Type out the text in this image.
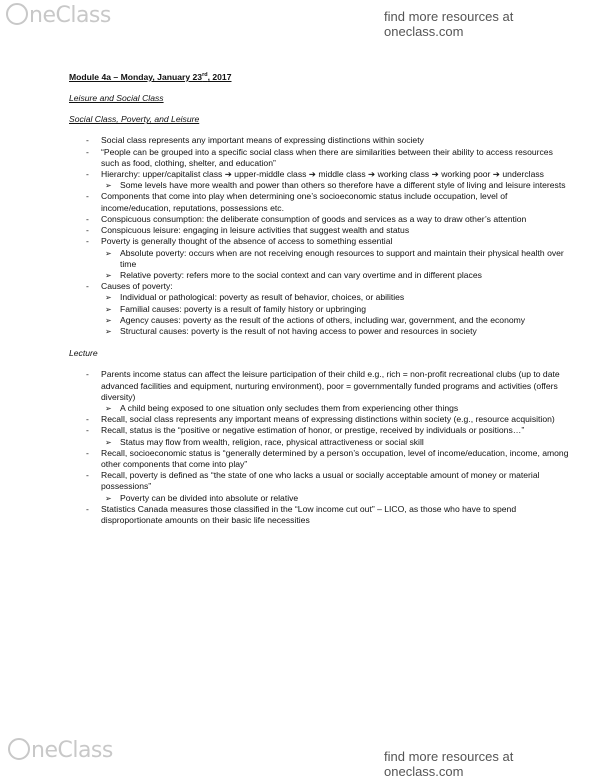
neClass	find more resources at oneclass.com
Module 4a – Monday, January 23rd, 2017
Leisure and Social Class
Social Class, Poverty, and Leisure
- Social class represents any important means of expressing distinctions within society
- “People can be grouped into a specific social class when there are similarities between their ability to access resources such as food, clothing, shelter, and education”
- Hierarchy: upper/capitalist class ➔ upper-middle class ➔ middle class ➔ working class ➔ working poor ➔ underclass
➢ Some levels have more wealth and power than others so therefore have a different style of living and leisure interests
- Components that come into play when determining one’s socioeconomic status include occupation, level of income/education, reputations, possessions etc.
- Conspicuous consumption: the deliberate consumption of goods and services as a way to draw other’s attention
- Conspicuous leisure: engaging in leisure activities that suggest wealth and status
- Poverty is generally thought of the absence of access to something essential
➢ Absolute poverty: occurs when are not receiving enough resources to support and maintain their physical health over time
➢ Relative poverty: refers more to the social context and can vary overtime and in different places
- Causes of poverty:
➢ Individual or pathological: poverty as result of behavior, choices, or abilities
➢ Familial causes: poverty is a result of family history or upbringing
➢ Agency causes: poverty as the result of the actions of others, including war, government, and the economy
➢ Structural causes: poverty is the result of not having access to power and resources in society
Lecture
- Parents income status can affect the leisure participation of their child e.g., rich = non-profit recreational clubs (up to date advanced facilities and equipment, nurturing environment), poor = governmentally funded programs and activities (offers diversity)
➢ A child being exposed to one situation only secludes them from experiencing other things
- Recall, social class represents any important means of expressing distinctions within society (e.g., resource acquisition)
- Recall, status is the “positive or negative estimation of honor, or prestige, received by individuals or positions…”
➢ Status may flow from wealth, religion, race, physical attractiveness or social skill
- Recall, socioeconomic status is “generally determined by a person’s occupation, level of income/education, income, among other components that come into play”
- Recall, poverty is defined as “the state of one who lacks a usual or socially acceptable amount of money or material possessions”
➢ Poverty can be divided into absolute or relative
- Statistics Canada measures those classified in the “Low income cut out” – LICO, as those who have to spend disproportionate amounts on their basic life necessities
neClass	find more resources at oneclass.com
